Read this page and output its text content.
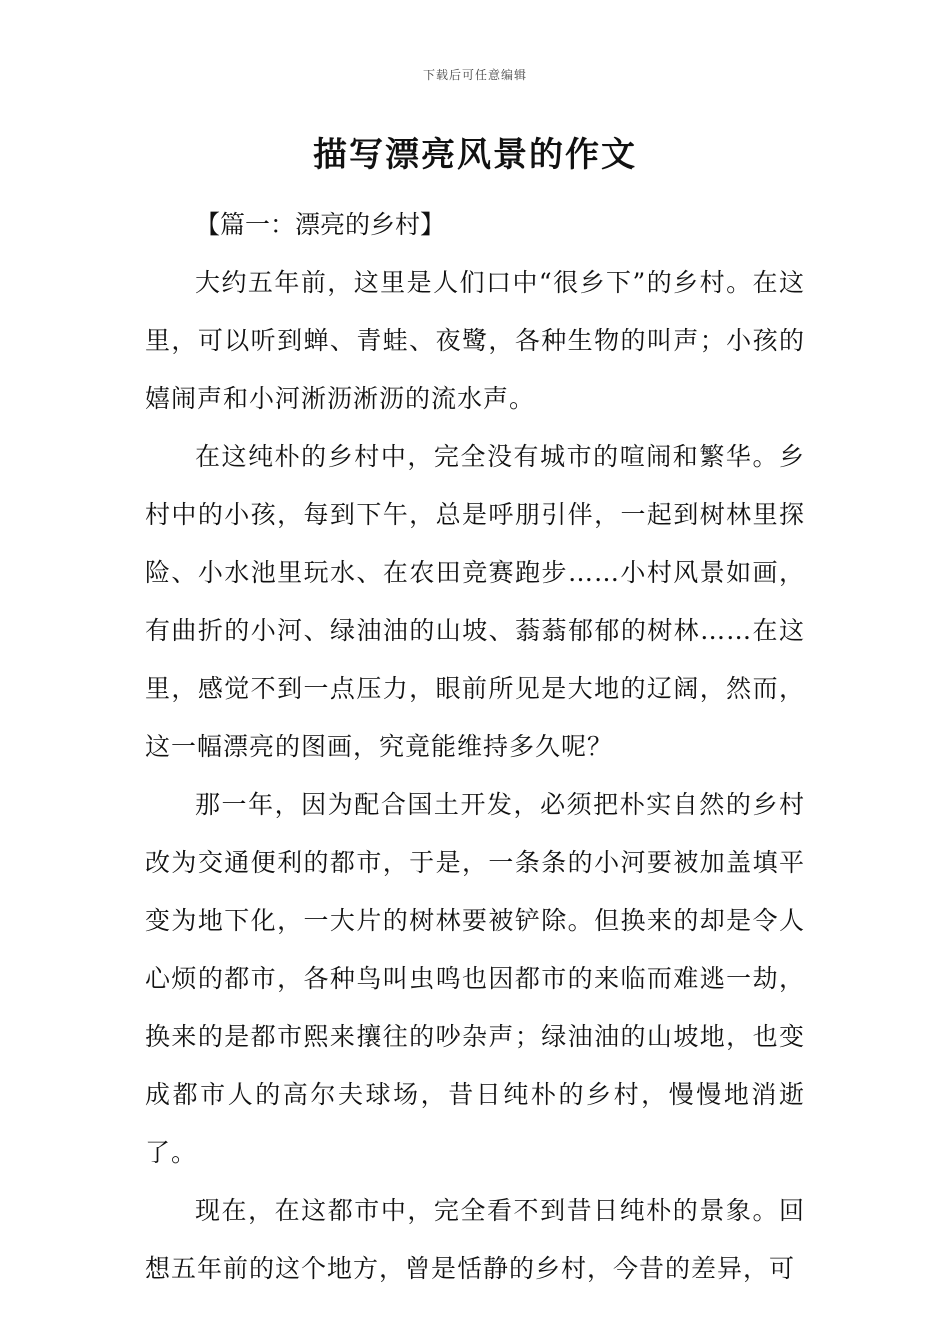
下载后可任意编辑
描写漂亮风景的作文

【篇一：漂亮的乡村】

大约五年前，这里是人们口中“很乡下”的乡村。在这里，可以听到蝉、青蛙、夜鹭，各种生物的叫声；小孩的嬉闹声和小河淅沥淅沥的流水声。

在这纯朴的乡村中，完全没有城市的喧闹和繁华。乡村中的小孩，每到下午，总是呼朋引伴，一起到树林里探险、小水池里玩水、在农田竞赛跑步……小村风景如画，有曲折的小河、绿油油的山坡、蓊蓊郁郁的树林……在这里，感觉不到一点压力，眼前所见是大地的辽阔，然而，这一幅漂亮的图画，究竟能维持多久呢？

那一年，因为配合国土开发，必须把朴实自然的乡村改为交通便利的都市，于是，一条条的小河要被加盖填平变为地下化，一大片的树林要被铲除。但换来的却是令人心烦的都市，各种鸟叫虫鸣也因都市的来临而难逃一劫，换来的是都市熙来攘往的吵杂声；绿油油的山坡地，也变成都市人的高尔夫球场，昔日纯朴的乡村，慢慢地消逝了。

现在，在这都市中，完全看不到昔日纯朴的景象。回想五年前的这个地方，曾是恬静的乡村，今昔的差异，可
